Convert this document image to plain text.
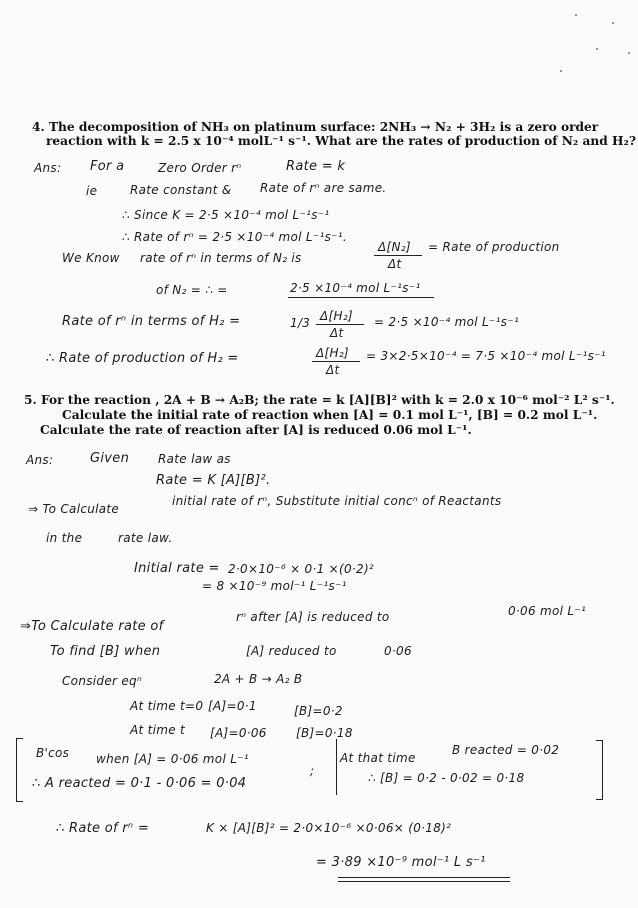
4. The decomposition of NH₃ on platinum surface: 2NH₃ → N₂ + 3H₂ is a zero order
reaction with k = 2.5 x 10⁻⁴ molL⁻¹ s⁻¹. What are the rates of production of N₂ and H₂?
Ans: For a	Zero Order rⁿ	Rate = k
ie	Rate constant & Rate of rⁿ are same.
∴ Since K = 2·5 ×10⁻⁴ mol L⁻¹s⁻¹
∴ Rate of rⁿ = 2·5 ×10⁻⁴ mol L⁻¹s⁻¹.
We Know rate of rⁿ in terms of N₂ is
Δ[N₂]
Δt
= Rate of production
of N₂ = ∴ =	2·5 ×10⁻⁴ mol L⁻¹s⁻¹
Rate of rⁿ in terms of H₂ =	1/3 Δ[H₂]
Δt
= 2·5 ×10⁻⁴ mol L⁻¹s⁻¹
∴ Rate of production of H₂ =	Δ[H₂]
Δt
= 3×2·5×10⁻⁴ = 7·5 ×10⁻⁴ mol L⁻¹s⁻¹
5. For the reaction , 2A + B → A₂B; the rate = k [A][B]² with k = 2.0 x 10⁻⁶ mol⁻² L² s⁻¹.
Calculate the initial rate of reaction when [A] = 0.1 mol L⁻¹, [B] = 0.2 mol L⁻¹.
Calculate the rate of reaction after [A] is reduced 0.06 mol L⁻¹.
Ans:	Given Rate law as
Rate = K [A][B]².
⇒ To Calculate
initial rate of rⁿ, Substitute initial concⁿ of Reactants
in the	rate law.
Initial rate = 2·0×10⁻⁶ × 0·1 ×(0·2)²
= 8 ×10⁻⁹ mol⁻¹ L⁻¹s⁻¹
⇒To Calculate rate of
rⁿ after [A] is reduced to	0·06 mol L⁻¹
To find [B] when	[A] reduced to	0·06
Consider eqⁿ	2A + B → A₂ B
At time t=0 [A]=0·1	[B]=0·2
At time t [A]=0·06 [B]=0·18
B'cos when [A] = 0·06 mol L⁻¹
∴ A reacted = 0·1 - 0·06 = 0·04
;
At that time
B reacted = 0·02
∴ [B] = 0·2 - 0·02 = 0·18
∴ Rate of rⁿ =	K × [A][B]² = 2·0×10⁻⁶ ×0·06× (0·18)²
= 3·89 ×10⁻⁹ mol⁻¹ L s⁻¹
